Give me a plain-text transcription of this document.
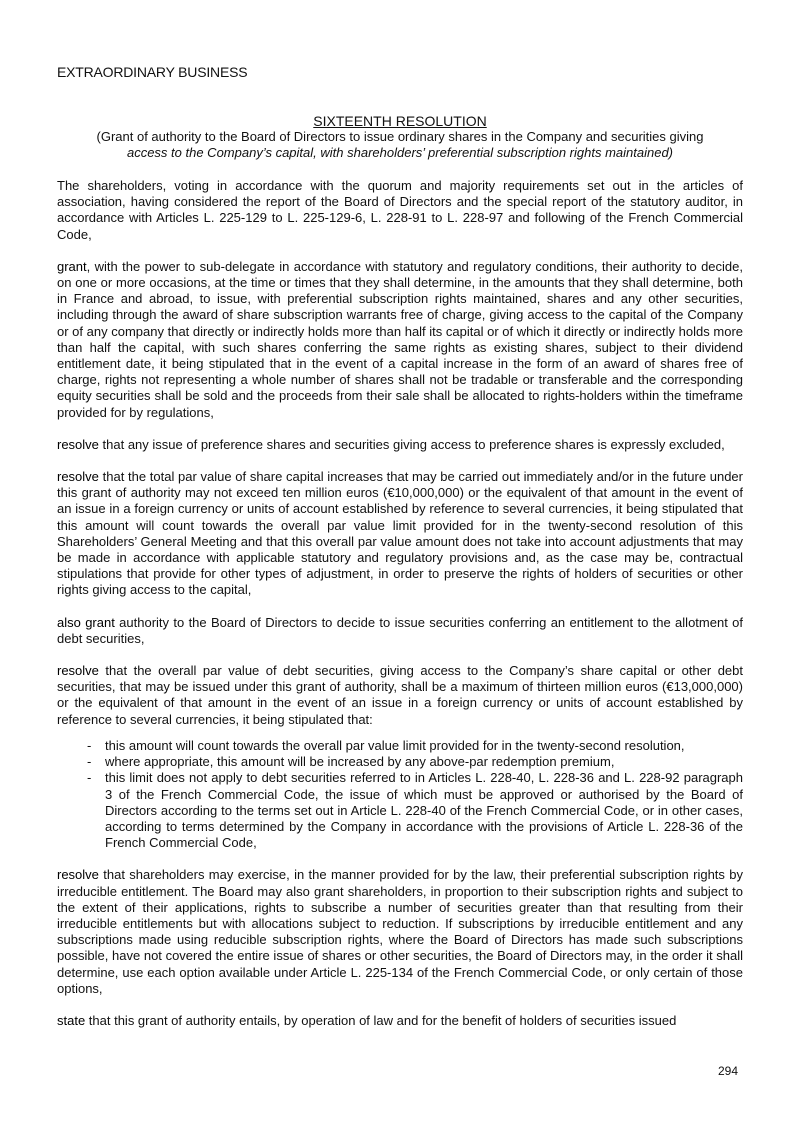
EXTRAORDINARY BUSINESS
SIXTEENTH RESOLUTION
(Grant of authority to the Board of Directors to issue ordinary shares in the Company and securities giving
access to the Company’s capital, with shareholders’ preferential subscription rights maintained)

The shareholders, voting in accordance with the quorum and majority requirements set out in the articles of association, having considered the report of the Board of Directors and the special report of the statutory auditor, in accordance with Articles L. 225-129 to L. 225-129-6, L. 228-91 to L. 228-97 and following of the French Commercial Code,

grant, with the power to sub-delegate in accordance with statutory and regulatory conditions, their authority to decide, on one or more occasions, at the time or times that they shall determine, in the amounts that they shall determine, both in France and abroad, to issue, with preferential subscription rights maintained, shares and any other securities, including through the award of share subscription warrants free of charge, giving access to the capital of the Company or of any company that directly or indirectly holds more than half its capital or of which it directly or indirectly holds more than half the capital, with such shares conferring the same rights as existing shares, subject to their dividend entitlement date, it being stipulated that in the event of a capital increase in the form of an award of shares free of charge, rights not representing a whole number of shares shall not be tradable or transferable and the corresponding equity securities shall be sold and the proceeds from their sale shall be allocated to rights-holders within the timeframe provided for by regulations,

resolve that any issue of preference shares and securities giving access to preference shares is expressly excluded,

resolve that the total par value of share capital increases that may be carried out immediately and/or in the future under this grant of authority may not exceed ten million euros (€10,000,000) or the equivalent of that amount in the event of an issue in a foreign currency or units of account established by reference to several currencies, it being stipulated that this amount will count towards the overall par value limit provided for in the twenty-second resolution of this Shareholders’ General Meeting and that this overall par value amount does not take into account adjustments that may be made in accordance with applicable statutory and regulatory provisions and, as the case may be, contractual stipulations that provide for other types of adjustment, in order to preserve the rights of holders of securities or other rights giving access to the capital,

also grant authority to the Board of Directors to decide to issue securities conferring an entitlement to the allotment of debt securities,

resolve that the overall par value of debt securities, giving access to the Company’s share capital or other debt securities, that may be issued under this grant of authority, shall be a maximum of thirteen million euros (€13,000,000) or the equivalent of that amount in the event of an issue in a foreign currency or units of account established by reference to several currencies, it being stipulated that:

- this amount will count towards the overall par value limit provided for in the twenty-second resolution,
- where appropriate, this amount will be increased by any above-par redemption premium,
- this limit does not apply to debt securities referred to in Articles L. 228-40, L. 228-36 and L. 228-92 paragraph 3 of the French Commercial Code, the issue of which must be approved or authorised by the Board of Directors according to the terms set out in Article L. 228-40 of the French Commercial Code, or in other cases, according to terms determined by the Company in accordance with the provisions of Article L. 228-36 of the French Commercial Code,

resolve that shareholders may exercise, in the manner provided for by the law, their preferential subscription rights by irreducible entitlement. The Board may also grant shareholders, in proportion to their subscription rights and subject to the extent of their applications, rights to subscribe a number of securities greater than that resulting from their irreducible entitlements but with allocations subject to reduction. If subscriptions by irreducible entitlement and any subscriptions made using reducible subscription rights, where the Board of Directors has made such subscriptions possible, have not covered the entire issue of shares or other securities, the Board of Directors may, in the order it shall determine, use each option available under Article L. 225-134 of the French Commercial Code, or only certain of those options,

state that this grant of authority entails, by operation of law and for the benefit of holders of securities issued

294
